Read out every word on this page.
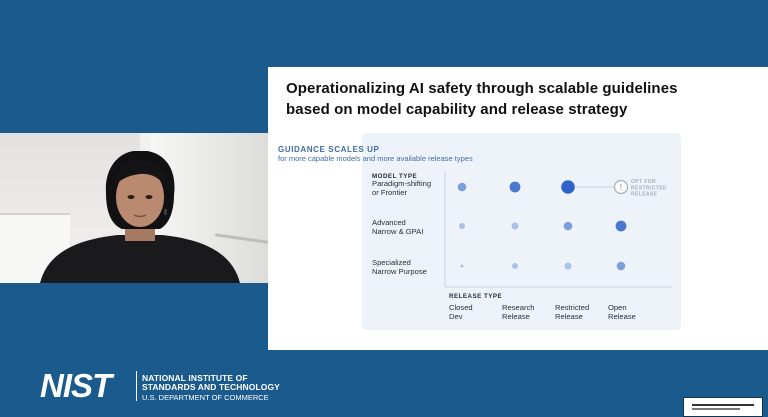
Operationalizing AI safety through scalable guidelines
based on model capability and release strategy
GUIDANCE SCALES UP
for more capable models and more available release types
MODEL TYPE
RELEASE TYPE
Paradigm-shifting
or Frontier
Advanced
Narrow & GPAI
Specialized
Narrow Purpose
Closed
Dev
Research
Release
Restricted
Release
Open
Release
!
OPT FOR
RESTRICTED
RELEASE
NIST	NATIONAL INSTITUTE OF
STANDARDS AND TECHNOLOGY
U.S. DEPARTMENT OF COMMERCE
